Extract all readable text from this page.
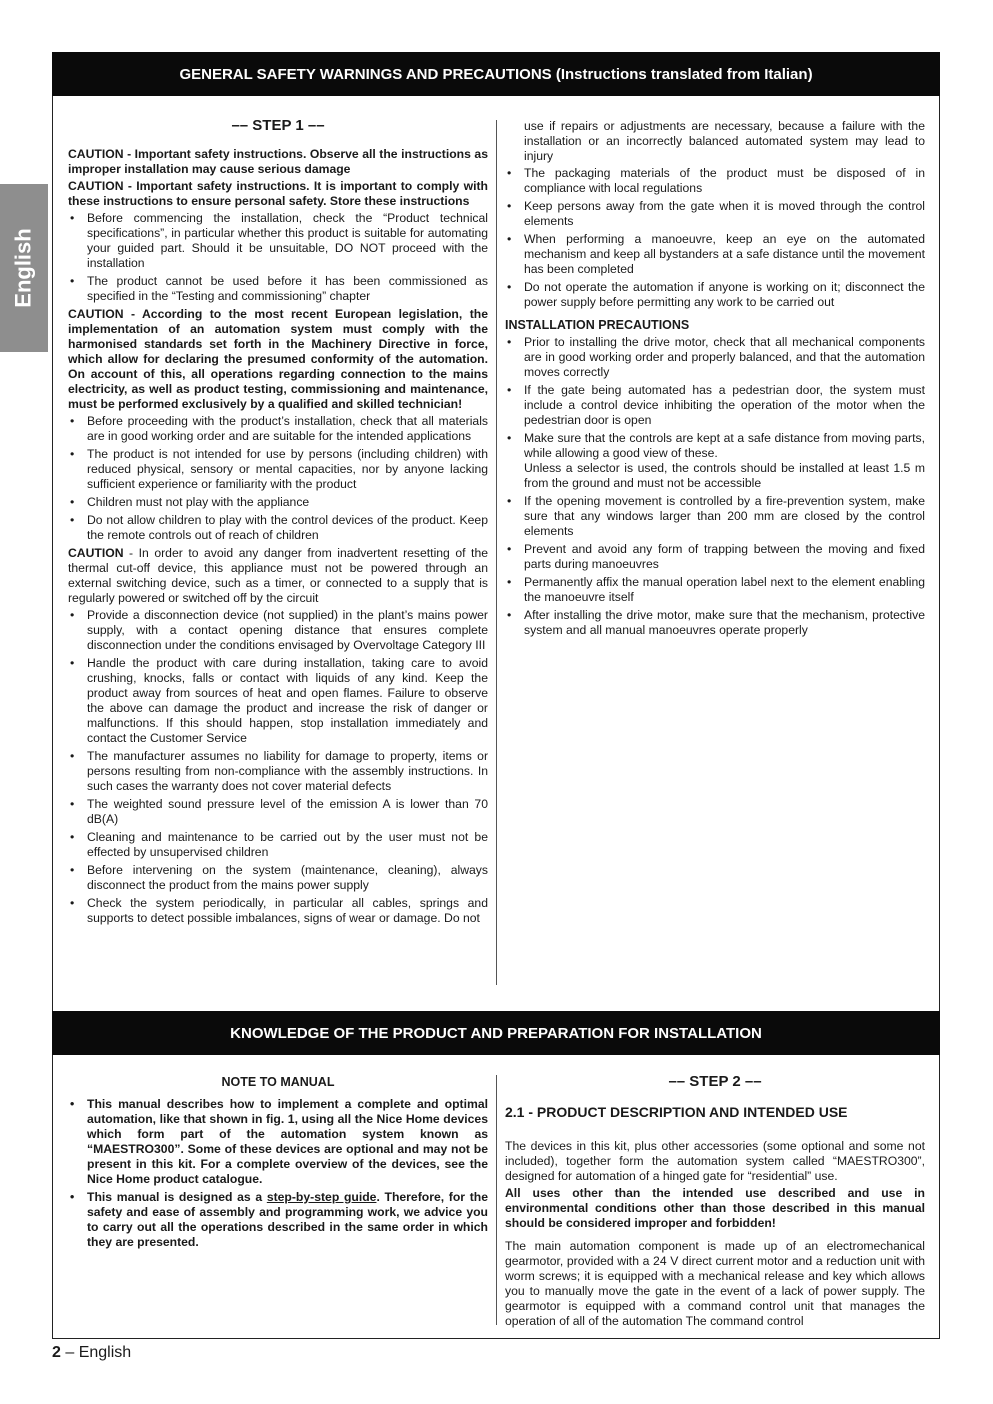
GENERAL SAFETY WARNINGS AND PRECAUTIONS (Instructions translated from Italian)
English
–– STEP 1 ––

CAUTION - Important safety instructions. Observe all the instructions as improper installation may cause serious damage

CAUTION - Important safety instructions. It is important to comply with these instructions to ensure personal safety. Store these instructions

• Before commencing the installation, check the “Product technical specifications”, in particular whether this product is suitable for automating your guided part. Should it be unsuitable, DO NOT proceed with the installation
• The product cannot be used before it has been commissioned as specified in the “Testing and commissioning” chapter

CAUTION - According to the most recent European legislation, the implementation of an automation system must comply with the harmonised standards set forth in the Machinery Directive in force, which allow for declaring the presumed conformity of the automation. On account of this, all operations regarding connection to the mains electricity, as well as product testing, commissioning and maintenance, must be performed exclusively by a qualified and skilled technician!

• Before proceeding with the product’s installation, check that all materials are in good working order and are suitable for the intended applications
• The product is not intended for use by persons (including children) with reduced physical, sensory or mental capacities, nor by anyone lacking sufficient experience or familiarity with the product
• Children must not play with the appliance
• Do not allow children to play with the control devices of the product. Keep the remote controls out of reach of children

CAUTION - In order to avoid any danger from inadvertent resetting of the thermal cut-off device, this appliance must not be powered through an external switching device, such as a timer, or connected to a supply that is regularly powered or switched off by the circuit

• Provide a disconnection device (not supplied) in the plant’s mains power supply, with a contact opening distance that ensures complete disconnection under the conditions envisaged by Overvoltage Category III
• Handle the product with care during installation, taking care to avoid crushing, knocks, falls or contact with liquids of any kind. Keep the product away from sources of heat and open flames. Failure to observe the above can damage the product and increase the risk of danger or malfunctions. If this should happen, stop installation immediately and contact the Customer Service
• The manufacturer assumes no liability for damage to property, items or persons resulting from non-compliance with the assembly instructions. In such cases the warranty does not cover material defects
• The weighted sound pressure level of the emission A is lower than 70 dB(A)
• Cleaning and maintenance to be carried out by the user must not be effected by unsupervised children
• Before intervening on the system (maintenance, cleaning), always disconnect the product from the mains power supply
• Check the system periodically, in particular all cables, springs and supports to detect possible imbalances, signs of wear or damage. Do not

use if repairs or adjustments are necessary, because a failure with the installation or an incorrectly balanced automated system may lead to injury

• The packaging materials of the product must be disposed of in compliance with local regulations
• Keep persons away from the gate when it is moved through the control elements
• When performing a manoeuvre, keep an eye on the automated mechanism and keep all bystanders at a safe distance until the movement has been completed
• Do not operate the automation if anyone is working on it; disconnect the power supply before permitting any work to be carried out
INSTALLATION PRECAUTIONS
• Prior to installing the drive motor, check that all mechanical components are in good working order and properly balanced, and that the automation moves correctly
• If the gate being automated has a pedestrian door, the system must include a control device inhibiting the operation of the motor when the pedestrian door is open
• Make sure that the controls are kept at a safe distance from moving parts, while allowing a good view of these.
Unless a selector is used, the controls should be installed at least 1.5 m from the ground and must not be accessible
• If the opening movement is controlled by a fire-prevention system, make sure that any windows larger than 200 mm are closed by the control elements
• Prevent and avoid any form of trapping between the moving and fixed parts during manoeuvres
• Permanently affix the manual operation label next to the element enabling the manoeuvre itself
• After installing the drive motor, make sure that the mechanism, protective system and all manual manoeuvres operate properly
KNOWLEDGE OF THE PRODUCT AND PREPARATION FOR INSTALLATION
NOTE TO MANUAL
• This manual describes how to implement a complete and optimal automation, like that shown in fig. 1, using all the Nice Home devices which form part of the automation system known as “MAESTRO300”. Some of these devices are optional and may not be present in this kit. For a complete overview of the devices, see the Nice Home product catalogue.
• This manual is designed as a step-by-step guide. Therefore, for the safety and ease of assembly and programming work, we advice you to carry out all the operations described in the same order in which they are presented.
–– STEP 2 ––
2.1 - PRODUCT DESCRIPTION AND INTENDED USE

The devices in this kit, plus other accessories (some optional and some not included), together form the automation system called “MAESTRO300”, designed for automation of a hinged gate for “residential” use.

All uses other than the intended use described and use in environmental conditions other than those described in this manual should be considered improper and forbidden!

The main automation component is made up of an electromechanical gearmotor, provided with a 24 V direct current motor and a reduction unit with worm screws; it is equipped with a mechanical release and key which allows you to manually move the gate in the event of a lack of power supply. The gearmotor is equipped with a command control unit that manages the operation of all of the automation The command control

2 – English
